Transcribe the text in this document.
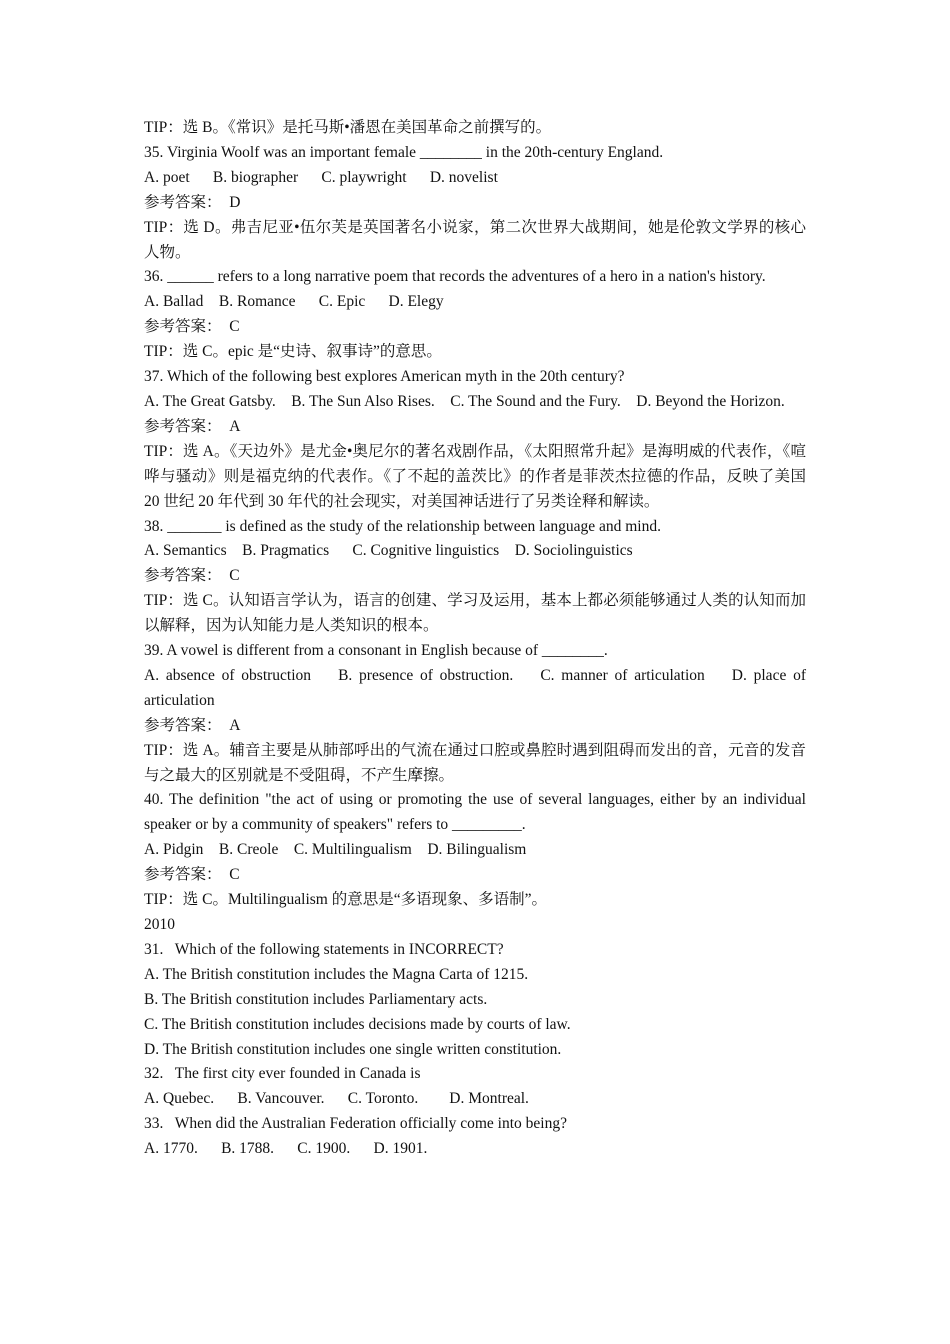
TIP：选 B。《常识》是托马斯•潘恩在美国革命之前撰写的。

35. Virginia Woolf was an important female ________ in the 20th-century England.

A. poet      B. biographer      C. playwright      D. novelist

参考答案：  D

TIP：选 D。弗吉尼亚•伍尔芙是英国著名小说家，第二次世界大战期间，她是伦敦文学界的核心人物。

36. ______ refers to a long narrative poem that records the adventures of a hero in a nation's history.

A. Ballad    B. Romance      C. Epic      D. Elegy

参考答案：  C

TIP：选 C。epic 是“史诗、叙事诗”的意思。

37. Which of the following best explores American myth in the 20th century?

A. The Great Gatsby.    B. The Sun Also Rises.    C. The Sound and the Fury.    D. Beyond the Horizon.

参考答案：  A

TIP：选 A。《天边外》是尤金•奥尼尔的著名戏剧作品，《太阳照常升起》是海明威的代表作，《喧哗与骚动》则是福克纳的代表作。《了不起的盖茨比》的作者是菲茨杰拉德的作品，反映了美国 20 世纪 20 年代到 30 年代的社会现实，对美国神话进行了另类诠释和解读。

38. _______ is defined as the study of the relationship between language and mind.

A. Semantics    B. Pragmatics      C. Cognitive linguistics    D. Sociolinguistics

参考答案：  C

TIP：选 C。认知语言学认为，语言的创建、学习及运用，基本上都必须能够通过人类的认知而加以解释，因为认知能力是人类知识的根本。

39. A vowel is different from a consonant in English because of ________.

A. absence of obstruction    B. presence of obstruction.    C. manner of articulation    D. place of articulation

参考答案：  A

TIP：选 A。辅音主要是从肺部呼出的气流在通过口腔或鼻腔时遇到阻碍而发出的音，元音的发音与之最大的区别就是不受阻碍，不产生摩擦。

40. The definition "the act of using or promoting the use of several languages, either by an individual speaker or by a community of speakers" refers to _________.

A. Pidgin    B. Creole    C. Multilingualism    D. Bilingualism

参考答案：  C

TIP：选 C。Multilingualism 的意思是“多语现象、多语制”。

2010

31.   Which of the following statements in INCORRECT?

A. The British constitution includes the Magna Carta of 1215.

B. The British constitution includes Parliamentary acts.

C. The British constitution includes decisions made by courts of law.

D. The British constitution includes one single written constitution.

32.   The first city ever founded in Canada is

A. Quebec.      B. Vancouver.      C. Toronto.        D. Montreal.

33.   When did the Australian Federation officially come into being?

A. 1770.      B. 1788.      C. 1900.      D. 1901.
